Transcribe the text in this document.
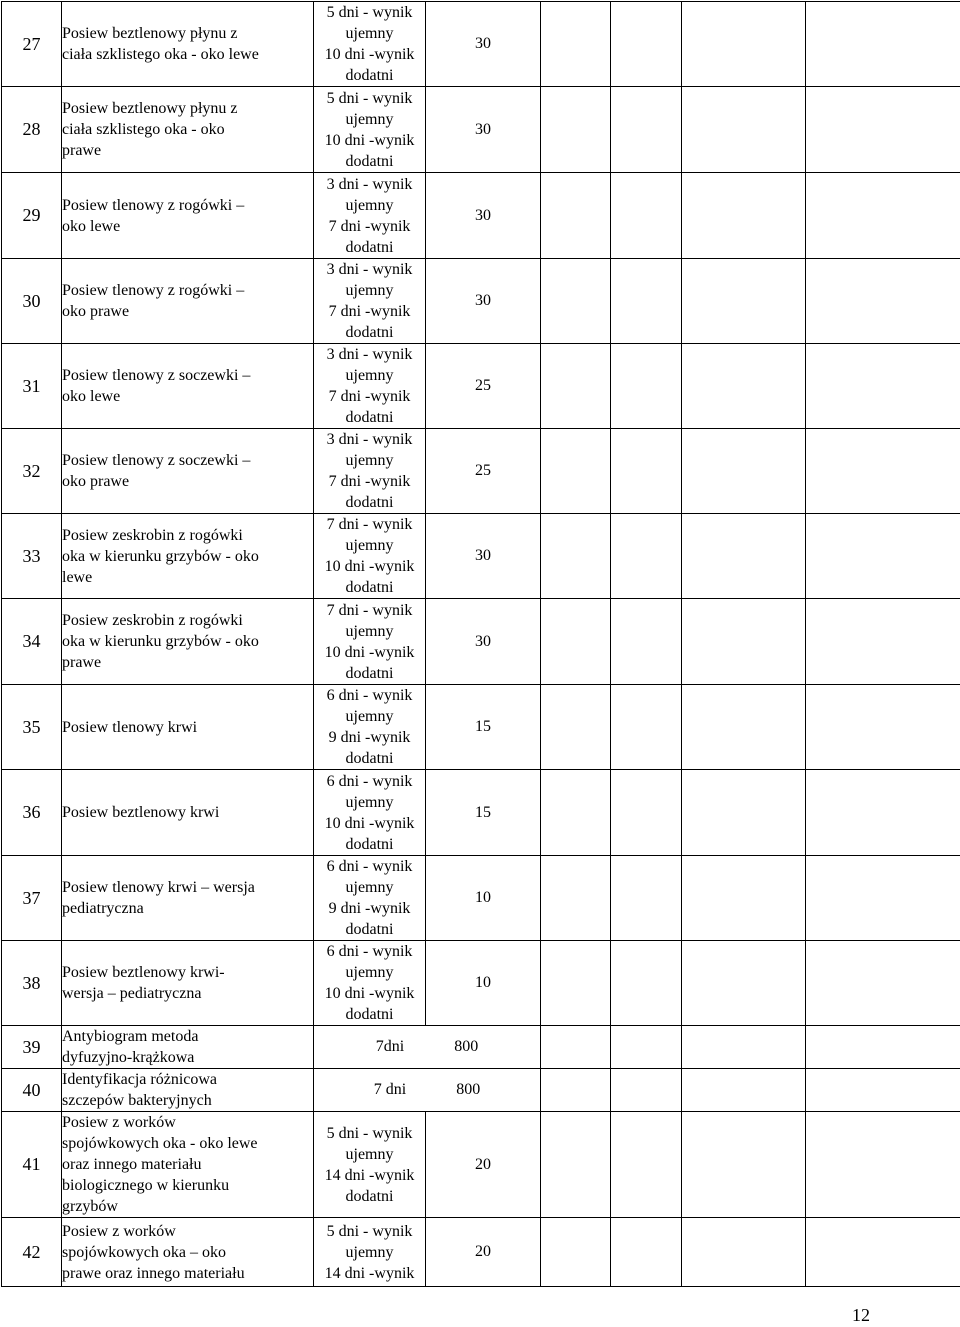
27	Posiew beztlenowy płynu z
ciała szklistego oka - oko lewe	5 dni - wynik
ujemny
10 dni -wynik
dodatni	30				
28	Posiew beztlenowy płynu z
ciała szklistego oka - oko
prawe	5 dni - wynik
ujemny
10 dni -wynik
dodatni	30				
29	Posiew tlenowy z rogówki –
oko lewe	3 dni - wynik
ujemny
7 dni -wynik
dodatni	30				
30	Posiew tlenowy z rogówki –
oko prawe	3 dni - wynik
ujemny
7 dni -wynik
dodatni	30				
31	Posiew tlenowy z soczewki –
oko lewe	3 dni - wynik
ujemny
7 dni -wynik
dodatni	25				
32	Posiew tlenowy z soczewki –
oko prawe	3 dni - wynik
ujemny
7 dni -wynik
dodatni	25				
33	Posiew zeskrobin z rogówki
oka w kierunku grzybów - oko
lewe	7 dni - wynik
ujemny
10 dni -wynik
dodatni	30				
34	Posiew zeskrobin z rogówki
oka w kierunku grzybów - oko
prawe	7 dni - wynik
ujemny
10 dni -wynik
dodatni	30				
35	Posiew tlenowy krwi	6 dni - wynik
ujemny
9 dni -wynik
dodatni	15				
36	Posiew beztlenowy krwi	6 dni - wynik
ujemny
10 dni -wynik
dodatni	15				
37	Posiew tlenowy krwi – wersja
pediatryczna	6 dni - wynik
ujemny
9 dni -wynik
dodatni	10				
38	Posiew beztlenowy krwi-
wersja – pediatryczna	6 dni - wynik
ujemny
10 dni -wynik
dodatni	10				
39	Antybiogram metoda
dyfuzyjno-krążkowa	7dni 800					
40	Identyfikacja różnicowa
szczepów bakteryjnych	7 dni 800					
41	Posiew z worków
spojówkowych oka - oko lewe
oraz innego materiału
biologicznego w kierunku
grzybów	5 dni - wynik
ujemny
14 dni -wynik
dodatni	20				
42	Posiew z worków
spojówkowych oka – oko
prawe oraz innego materiału	5 dni - wynik
ujemny
14 dni -wynik	20				
12
